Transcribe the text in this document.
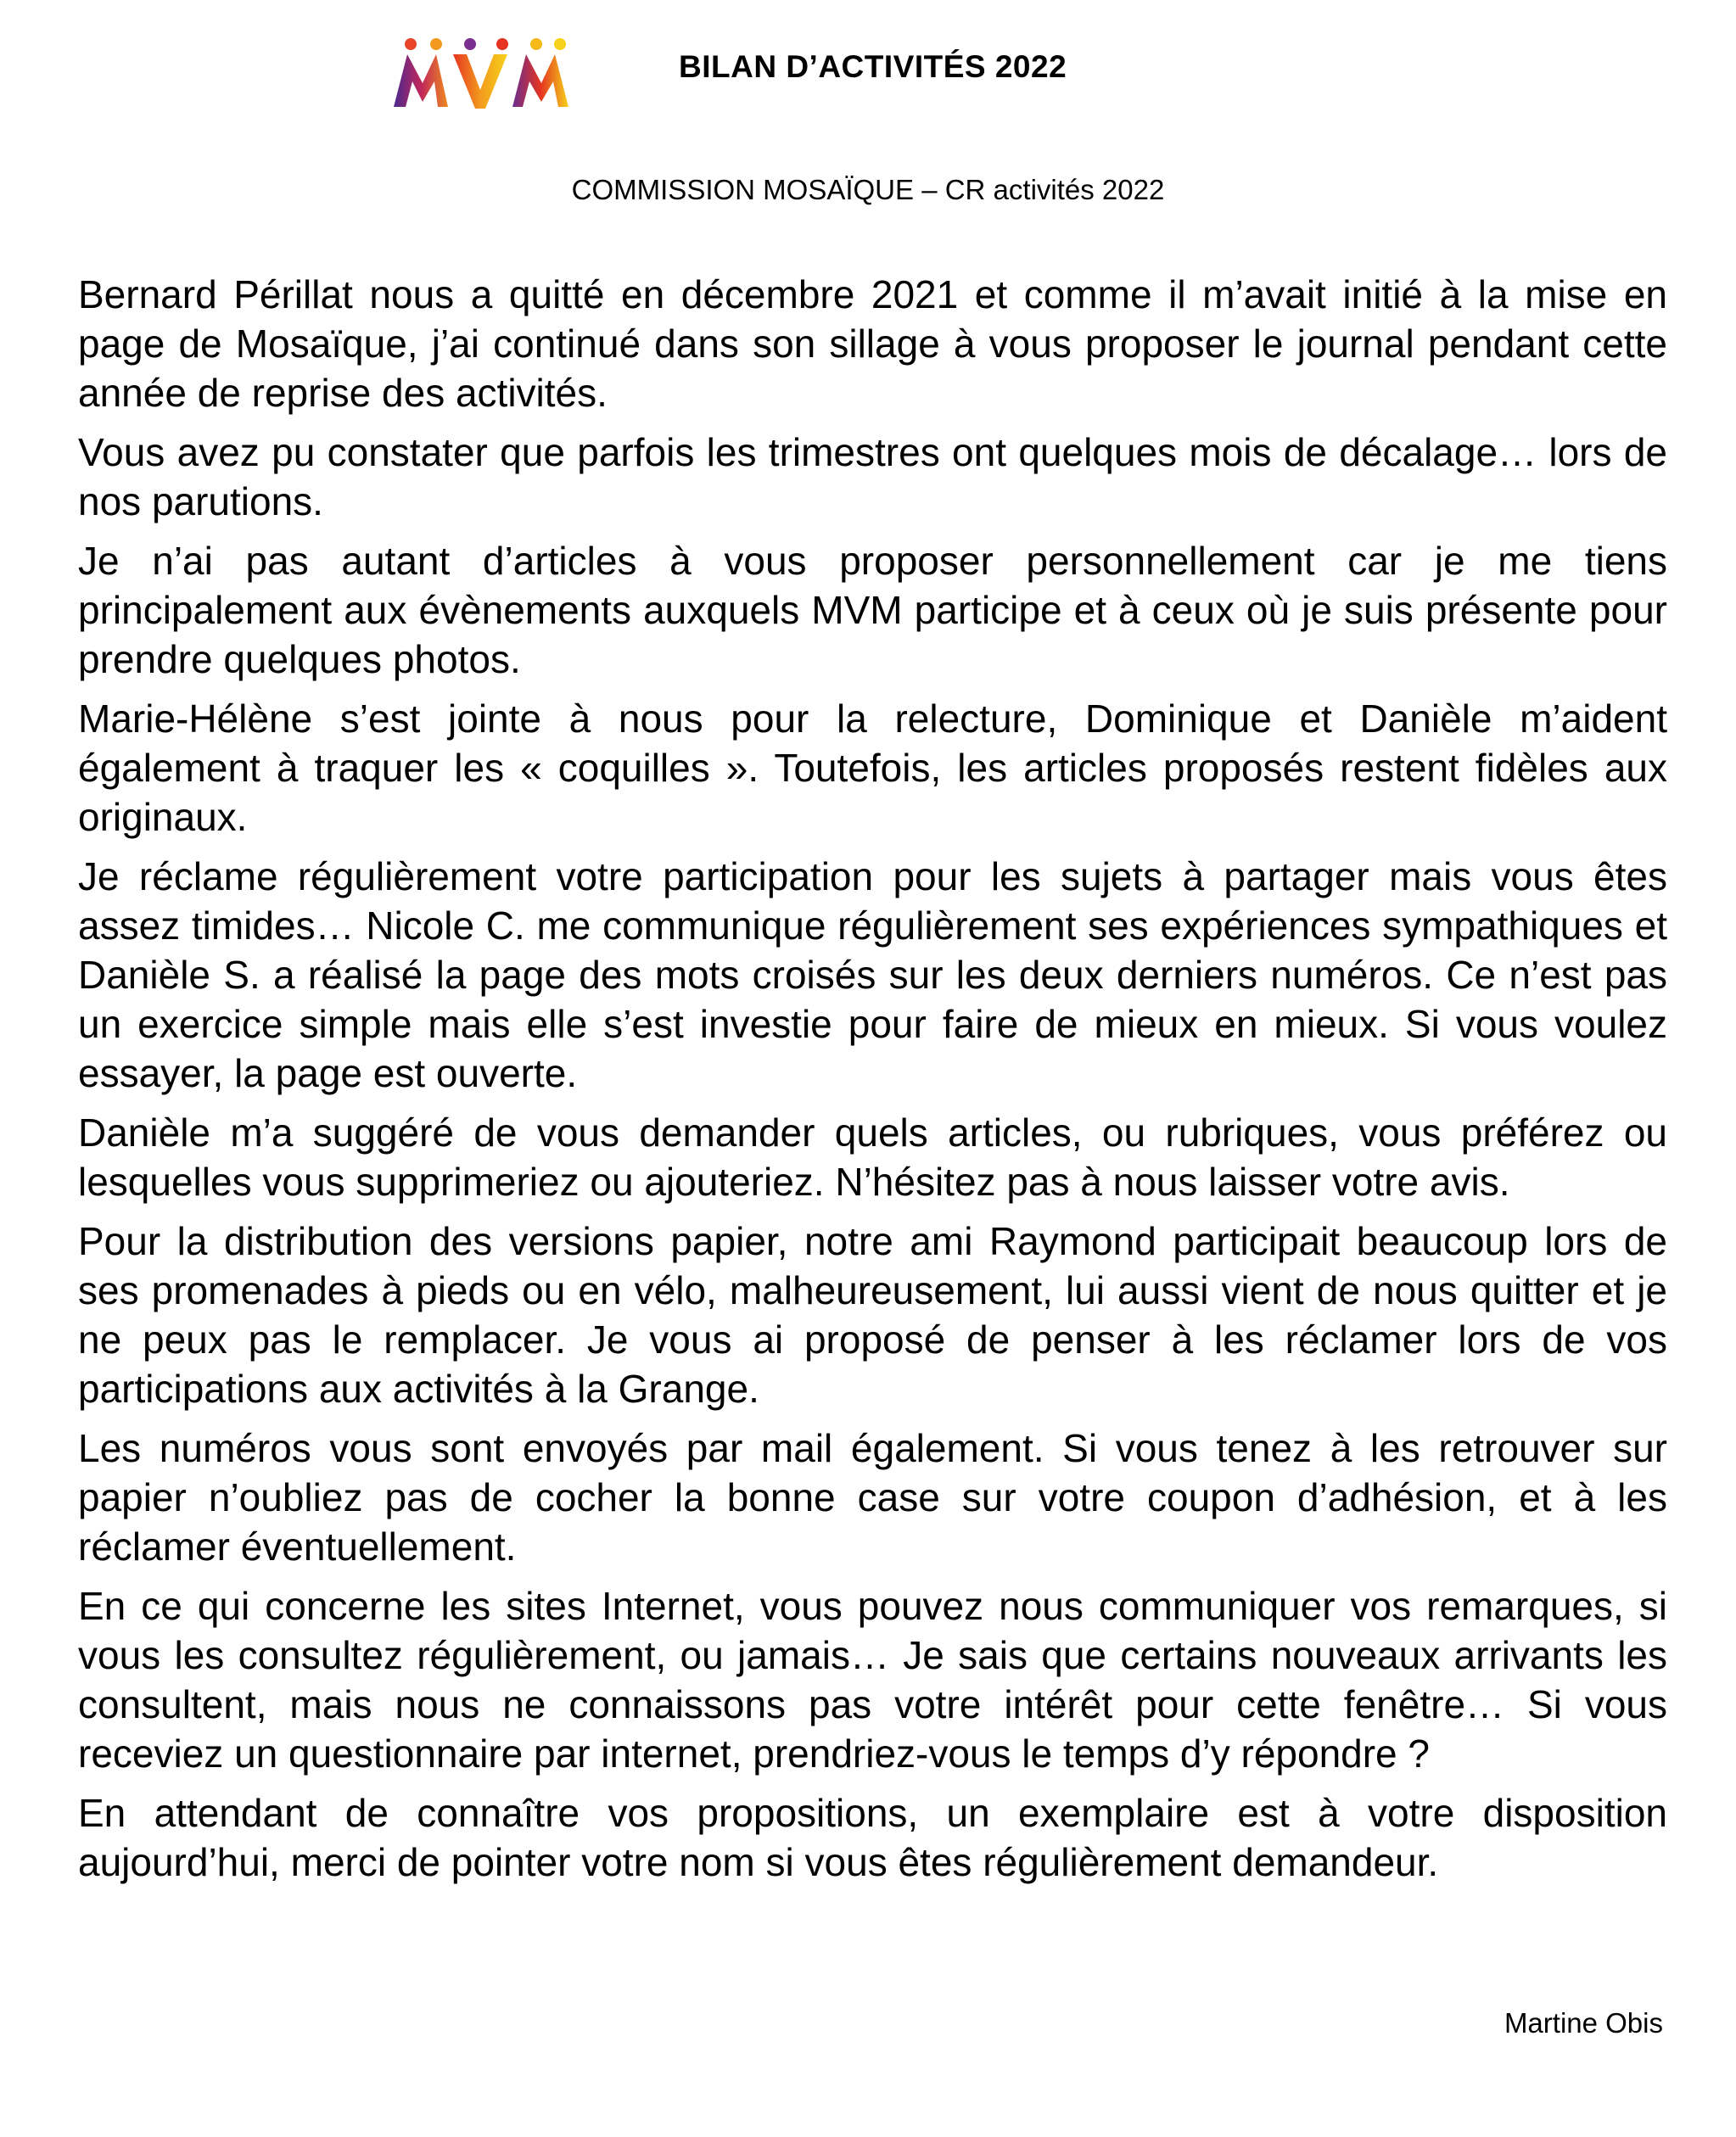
BILAN D’ACTIVITÉS 2022
COMMISSION MOSAÏQUE – CR activités 2022

Bernard Périllat nous a quitté en décembre 2021 et comme il m’avait initié à la mise en page de Mosaïque, j’ai continué dans son sillage à vous proposer le journal pendant cette année de reprise des activités.

Vous avez pu constater que parfois les trimestres ont quelques mois de décalage… lors de nos parutions.

Je n’ai pas autant d’articles à vous proposer personnellement car je me tiens principalement aux évènements auxquels MVM participe et à ceux où je suis présente pour prendre quelques photos.

Marie-Hélène s’est jointe à nous pour la relecture, Dominique et Danièle m’aident également à traquer les « coquilles ». Toutefois, les articles proposés restent fidèles aux originaux.

Je réclame régulièrement votre participation pour les sujets à partager mais vous êtes assez timides… Nicole C. me communique régulièrement ses expériences sympathiques et Danièle S. a réalisé la page des mots croisés sur les deux derniers numéros. Ce n’est pas un exercice simple mais elle s’est investie pour faire de mieux en mieux. Si vous voulez essayer, la page est ouverte.

Danièle m’a suggéré de vous demander quels articles, ou rubriques, vous préférez ou lesquelles vous supprimeriez ou ajouteriez. N’hésitez pas à nous laisser votre avis.

Pour la distribution des versions papier, notre ami Raymond participait beaucoup lors de ses promenades à pieds ou en vélo, malheureusement, lui aussi vient de nous quitter et je ne peux pas le remplacer. Je vous ai proposé de penser à les réclamer lors de vos participations aux activités à la Grange.

Les numéros vous sont envoyés par mail également. Si vous tenez à les retrouver sur papier n’oubliez pas de cocher la bonne case sur votre coupon d’adhésion, et à les réclamer éventuellement.

En ce qui concerne les sites Internet, vous pouvez nous communiquer vos remarques, si vous les consultez régulièrement, ou jamais… Je sais que certains nouveaux arrivants les consultent, mais nous ne connaissons pas votre intérêt pour cette fenêtre… Si vous receviez un questionnaire par internet, prendriez-vous le temps d’y répondre ?

En attendant de connaître vos propositions, un exemplaire est à votre disposition aujourd’hui, merci de pointer votre nom si vous êtes régulièrement demandeur.

Martine Obis
